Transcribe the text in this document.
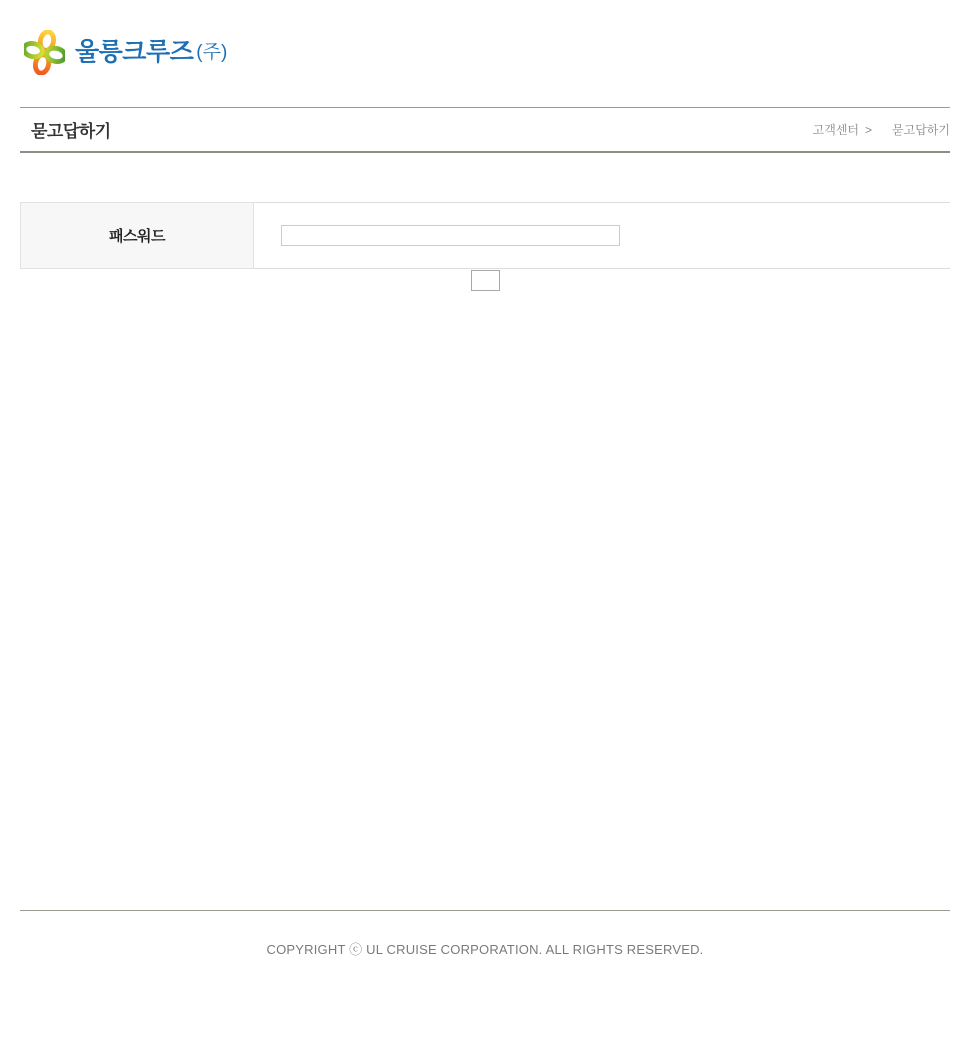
울릉크루즈 (주)
묻고답하기	고객센터 > 묻고답하기
패스워드	

COPYRIGHT ⓒ UL CRUISE CORPORATION. ALL RIGHTS RESERVED.
